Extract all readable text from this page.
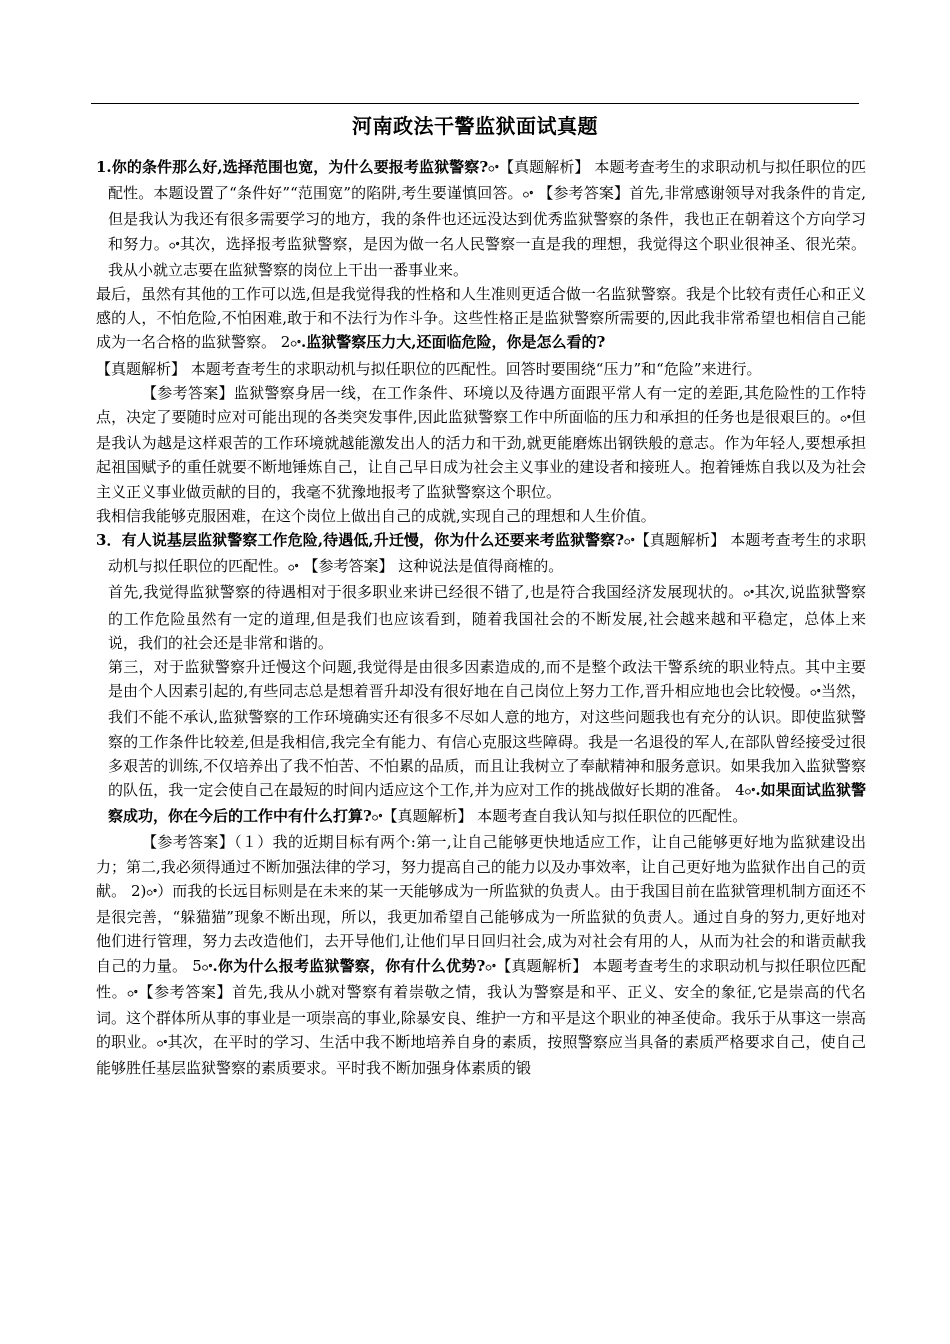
河南政法干警监狱面试真题

1.你的条件那么好,选择范围也宽，为什么要报考监狱警察?ꢀ【真题解析】 本题考查考生的求职动机与拟任职位的匹配性。本题设置了“条件好”“范围宽”的陷阱,考生要谨慎回答。ꢀ 【参考答案】首先,非常感谢领导对我条件的肯定,但是我认为我还有很多需要学习的地方，我的条件也还远没达到优秀监狱警察的条件，我也正在朝着这个方向学习和努力。ꢀ其次，选择报考监狱警察，是因为做一名人民警察一直是我的理想，我觉得这个职业很神圣、很光荣。我从小就立志要在监狱警察的岗位上干出一番事业来。

最后，虽然有其他的工作可以选,但是我觉得我的性格和人生准则更适合做一名监狱警察。我是个比较有责任心和正义感的人，不怕危险,不怕困难,敢于和不法行为作斗争。这些性格正是监狱警察所需要的,因此我非常希望也相信自己能成为一名合格的监狱警察。 2ꢀ.监狱警察压力大,还面临危险，你是怎么看的?

【真题解析】 本题考查考生的求职动机与拟任职位的匹配性。回答时要围绕“压力”和“危险”来进行。

【参考答案】监狱警察身居一线，在工作条件、环境以及待遇方面跟平常人有一定的差距,其危险性的工作特点，决定了要随时应对可能出现的各类突发事件,因此监狱警察工作中所面临的压力和承担的任务也是很艰巨的。ꢀ但是我认为越是这样艰苦的工作环境就越能激发出人的活力和干劲,就更能磨炼出钢铁般的意志。作为年轻人,要想承担起祖国赋予的重任就要不断地锤炼自己，让自己早日成为社会主义事业的建设者和接班人。抱着锤炼自我以及为社会主义正义事业做贡献的目的，我毫不犹豫地报考了监狱警察这个职位。

我相信我能够克服困难，在这个岗位上做出自己的成就,实现自己的理想和人生价值。

3．有人说基层监狱警察工作危险,待遇低,升迁慢，你为什么还要来考监狱警察?ꢀ【真题解析】 本题考查考生的求职动机与拟任职位的匹配性。ꢀ 【参考答案】 这种说法是值得商榷的。

首先,我觉得监狱警察的待遇相对于很多职业来讲已经很不错了,也是符合我国经济发展现状的。ꢀ其次,说监狱警察的工作危险虽然有一定的道理,但是我们也应该看到，随着我国社会的不断发展,社会越来越和平稳定，总体上来说，我们的社会还是非常和谐的。

第三，对于监狱警察升迁慢这个问题,我觉得是由很多因素造成的,而不是整个政法干警系统的职业特点。其中主要是由个人因素引起的,有些同志总是想着晋升却没有很好地在自己岗位上努力工作,晋升相应地也会比较慢。ꢀ当然，我们不能不承认,监狱警察的工作环境确实还有很多不尽如人意的地方，对这些问题我也有充分的认识。即使监狱警察的工作条件比较差,但是我相信,我完全有能力、有信心克服这些障碍。我是一名退役的军人,在部队曾经接受过很多艰苦的训练,不仅培养出了我不怕苦、不怕累的品质，而且让我树立了奉献精神和服务意识。如果我加入监狱警察的队伍，我一定会使自己在最短的时间内适应这个工作,并为应对工作的挑战做好长期的准备。 4ꢀ.如果面试监狱警察成功，你在今后的工作中有什么打算?ꢀ【真题解析】 本题考查自我认知与拟任职位的匹配性。

【参考答案】（１）我的近期目标有两个:第一,让自己能够更快地适应工作，让自己能够更好地为监狱建设出力；第二,我必须得通过不断加强法律的学习，努力提高自己的能力以及办事效率，让自己更好地为监狱作出自己的贡献。 2)ꢀ）而我的长远目标则是在未来的某一天能够成为一所监狱的负责人。由于我国目前在监狱管理机制方面还不是很完善，“躲猫猫”现象不断出现，所以，我更加希望自己能够成为一所监狱的负责人。通过自身的努力,更好地对他们进行管理，努力去改造他们，去开导他们,让他们早日回归社会,成为对社会有用的人，从而为社会的和谐贡献我自己的力量。 5ꢀ.你为什么报考监狱警察，你有什么优势?ꢀ【真题解析】 本题考查考生的求职动机与拟任职位匹配性。ꢀ【参考答案】首先,我从小就对警察有着崇敬之情，我认为警察是和平、正义、安全的象征,它是崇高的代名词。这个群体所从事的事业是一项崇高的事业,除暴安良、维护一方和平是这个职业的神圣使命。我乐于从事这一崇高的职业。ꢀ其次，在平时的学习、生活中我不断地培养自身的素质，按照警察应当具备的素质严格要求自己，使自己能够胜任基层监狱警察的素质要求。平时我不断加强身体素质的锻
